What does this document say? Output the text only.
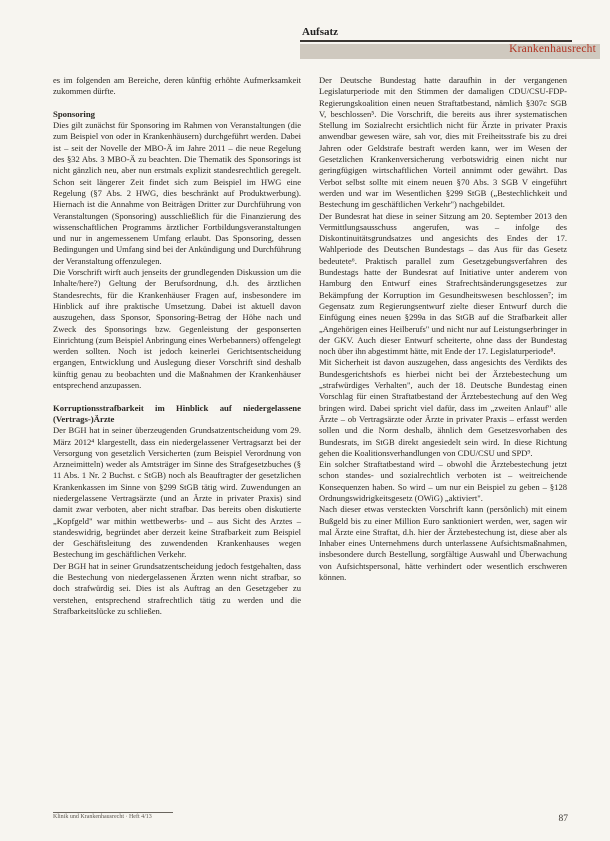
Aufsatz
Krankenhausrecht

es im folgenden am Bereiche, deren künftig erhöhte Aufmerksamkeit zukommen dürfte.

Sponsoring

Dies gilt zunächst für Sponsoring im Rahmen von Veranstaltungen (die zum Beispiel von oder in Krankenhäusern) durchgeführt werden. Dabei ist – seit der Novelle der MBO-Ä im Jahre 2011 – die neue Regelung des §32 Abs. 3 MBO-Ä zu beachten. Die Thematik des Sponsorings ist nicht gänzlich neu, aber nun erstmals explizit standesrechtlich geregelt. Schon seit längerer Zeit findet sich zum Beispiel im HWG eine Regelung (§7 Abs. 2 HWG, dies beschränkt auf Produktwerbung). Hiernach ist die Annahme von Beiträgen Dritter zur Durchführung von Veranstaltungen (Sponsoring) ausschließlich für die Finanzierung des wissenschaftlichen Programms ärztlicher Fortbildungsveranstaltungen und nur in angemessenem Umfang erlaubt. Das Sponsoring, dessen Bedingungen und Umfang sind bei der Ankündigung und Durchführung der Veranstaltung offenzulegen.

Die Vorschrift wirft auch jenseits der grundlegenden Diskussion um die Inhalte/here?) Geltung der Berufsordnung, d.h. des ärztlichen Standesrechts, für die Krankenhäuser Fragen auf, insbesondere im Hinblick auf ihre praktische Umsetzung. Dabei ist aktuell davon auszugehen, dass Sponsor, Sponsoring-Betrag der Höhe nach und Zweck des Sponsorings bzw. Gegenleistung der gesponserten Einrichtung (zum Beispiel Anbringung eines Werbebanners) offengelegt werden sollten. Noch ist jedoch keinerlei Gerichtsentscheidung ergangen, Entwicklung und Auslegung dieser Vorschrift sind deshalb künftig genau zu beobachten und die Maßnahmen der Krankenhäuser entsprechend anzupassen.

Korruptionsstrafbarkeit im Hinblick auf niedergelassene (Vertrags-)Ärzte

Der BGH hat in seiner überzeugenden Grundsatzentscheidung vom 29. März 2012⁴ klargestellt, dass ein niedergelassener Vertragsarzt bei der Versorgung von gesetzlich Versicherten (zum Beispiel Verordnung von Arzneimitteln) weder als Amtsträger im Sinne des Strafgesetzbuches (§ 11 Abs. 1 Nr. 2 Buchst. c StGB) noch als Beauftragter der gesetzlichen Krankenkassen im Sinne von §299 StGB tätig wird. Zuwendungen an niedergelassene Vertragsärzte (und an Ärzte in privater Praxis) sind damit zwar verboten, aber nicht strafbar. Das bereits oben diskutierte „Kopfgeld" war mithin wettbewerbs- und – aus Sicht des Arztes – standeswidrig, begründet aber derzeit keine Strafbarkeit zum Beispiel der Geschäftsleitung des zuwendenden Krankenhauses wegen Bestechung im geschäftlichen Verkehr.

Der BGH hat in seiner Grundsatzentscheidung jedoch festgehalten, dass die Bestechung von niedergelassenen Ärzten wenn nicht strafbar, so doch strafwürdig sei. Dies ist als Auftrag an den Gesetzgeber zu verstehen, entsprechend strafrechtlich tätig zu werden und die Strafbarkeitslücke zu schließen.

Der Deutsche Bundestag hatte daraufhin in der vergangenen Legislaturperiode mit den Stimmen der damaligen CDU/CSU-FDP-Regierungskoalition einen neuen Straftatbestand, nämlich §307c SGB V, beschlossen⁵. Die Vorschrift, die bereits aus ihrer systematischen Stellung im Sozialrecht ersichtlich nicht für Ärzte in privater Praxis anwendbar gewesen wäre, sah vor, dies mit Freiheitsstrafe bis zu drei Jahren oder Geldstrafe bestraft werden kann, wer im Wesen der Gesetzlichen Krankenversicherung verbotswidrig einen nicht nur geringfügigen wirtschaftlichen Vorteil annimmt oder gewährt. Das Verbot selbst sollte mit einem neuen §70 Abs. 3 SGB V eingeführt werden und war im Wesentlichen §299 StGB („Bestechlichkeit und Bestechung im geschäftlichen Verkehr") nachgebildet.

Der Bundesrat hat diese in seiner Sitzung am 20. September 2013 den Vermittlungsausschuss angerufen, was – infolge des Diskontinuitätsgrundsatzes und angesichts des Endes der 17. Wahlperiode des Deutschen Bundestags – das Aus für das Gesetz bedeutete⁶. Praktisch parallel zum Gesetzgebungsverfahren des Bundestags hatte der Bundesrat auf Initiative unter anderem von Hamburg den Entwurf eines Strafrechtsänderungsgesetzes zur Bekämpfung der Korruption im Gesundheitswesen beschlossen⁷; im Gegensatz zum Regierungsentwurf zielte dieser Entwurf durch die Einfügung eines neuen §299a in das StGB auf die Strafbarkeit aller „Angehörigen eines Heilberufs" und nicht nur auf Leistungserbringer in der GKV. Auch dieser Entwurf scheiterte, ohne dass der Bundestag noch über ihn abgestimmt hätte, mit Ende der 17. Legislaturperiode⁸.

Mit Sicherheit ist davon auszugehen, dass angesichts des Verdikts des Bundesgerichtshofs es hierbei nicht bei der Ärztebestechung um „strafwürdiges Verhalten", auch der 18. Deutsche Bundestag einen Vorschlag für einen Straftatbestand der Ärztebestechung auf den Weg bringen wird. Dabei spricht viel dafür, dass im „zweiten Anlauf" alle Ärzte – ob Vertragsärzte oder Ärzte in privater Praxis – erfasst werden sollen und die Norm deshalb, ähnlich dem Gesetzesvorhaben des Bundesrats, im StGB direkt angesiedelt sein wird. In diese Richtung gehen die Koalitionsverhandlungen von CDU/CSU und SPD⁹.

Ein solcher Straftatbestand wird – obwohl die Ärztebestechung jetzt schon standes- und sozialrechtlich verboten ist – weitreichende Konsequenzen haben. So wird – um nur ein Beispiel zu geben – §128 Ordnungswidrigkeitsgesetz (OWiG) „aktiviert".

Nach dieser etwas versteckten Vorschrift kann (persönlich) mit einem Bußgeld bis zu einer Million Euro sanktioniert werden, wer, sagen wir mal Ärzte eine Straftat, d.h. hier der Ärztebestechung ist, diese aber als Inhaber eines Unternehmens durch unterlassene Aufsichtsmaßnahmen, insbesondere durch Bestellung, sorgfältige Auswahl und Überwachung von Aufsichtspersonal, hätte verhindert oder wesentlich erschweren können.

Klinik und Krankenhausrecht · Heft 4/13	87
